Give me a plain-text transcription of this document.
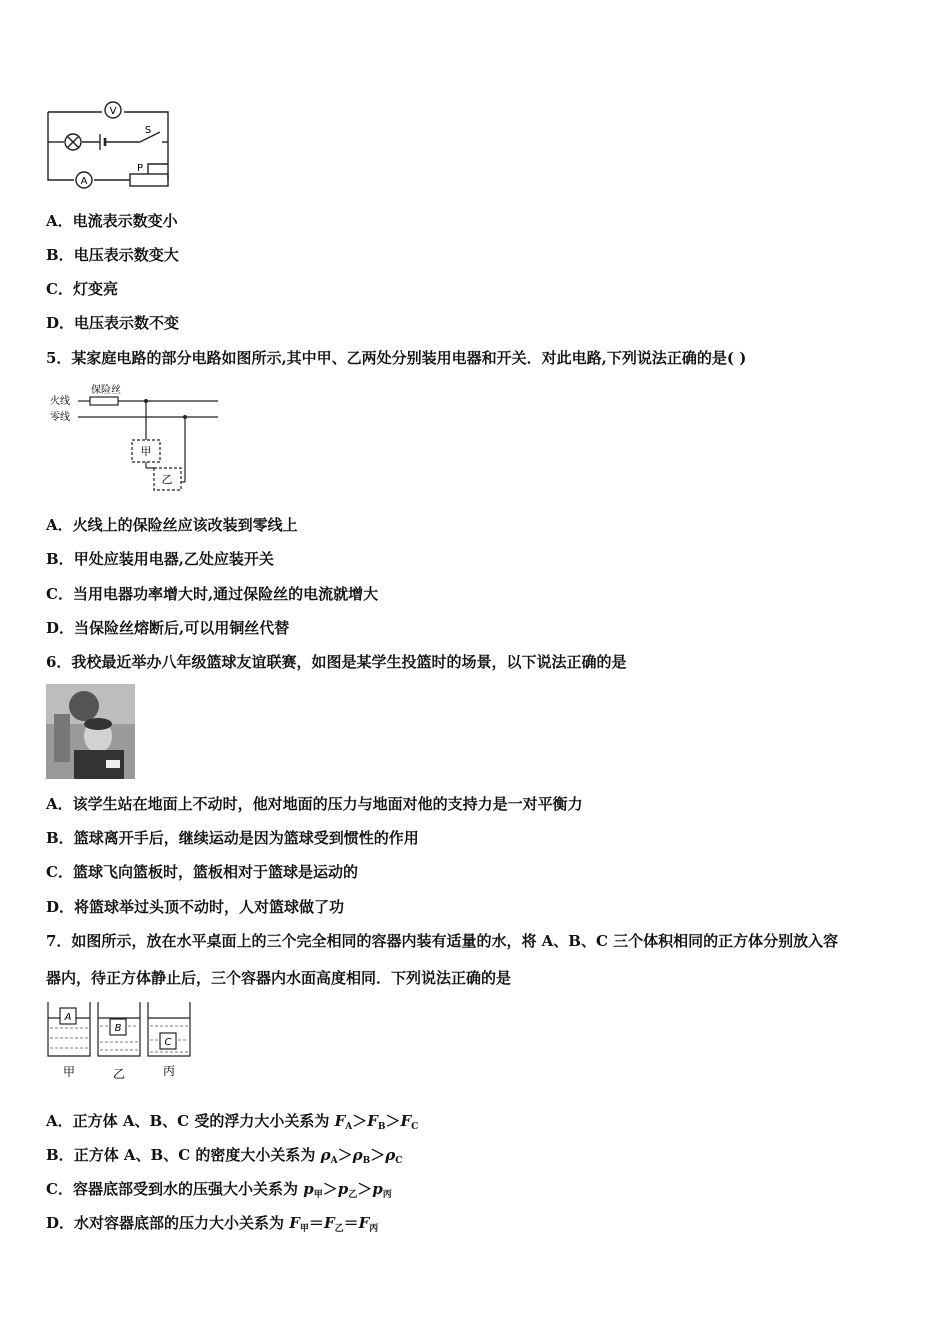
V
A
S
P
A．电流表示数变小
B．电压表示数变大
C．灯变亮
D．电压表示数不变
5．某家庭电路的部分电路如图所示,其中甲、乙两处分别装用电器和开关．对此电路,下列说法正确的是( )
火线
零线
保险丝
甲
乙
A．火线上的保险丝应该改装到零线上
B．甲处应装用电器,乙处应装开关
C．当用电器功率增大时,通过保险丝的电流就增大
D．当保险丝熔断后,可以用铜丝代替
6．我校最近举办八年级篮球友谊联赛，如图是某学生投篮时的场景，以下说法正确的是
A．该学生站在地面上不动时，他对地面的压力与地面对他的支持力是一对平衡力
B．篮球离开手后，继续运动是因为篮球受到惯性的作用
C．篮球飞向篮板时，篮板相对于篮球是运动的
D．将篮球举过头顶不动时，人对篮球做了功
7．如图所示，放在水平桌面上的三个完全相同的容器内装有适量的水，将 A、B、C 三个体积相同的正方体分别放入容
器内，待正方体静止后，三个容器内水面高度相同．下列说法正确的是
A
B
C
甲	乙	丙
A．正方体 A、B、C 受的浮力大小关系为 $F_A>F_B>F_C$
B．正方体 A、B、C 的密度大小关系为 $\rho_A>\rho_B>\rho_C$
C．容器底部受到水的压强大小关系为 $p_甲>p_乙>p_丙$
D．水对容器底部的压力大小关系为 $F_甲=F_乙=F_丙$
